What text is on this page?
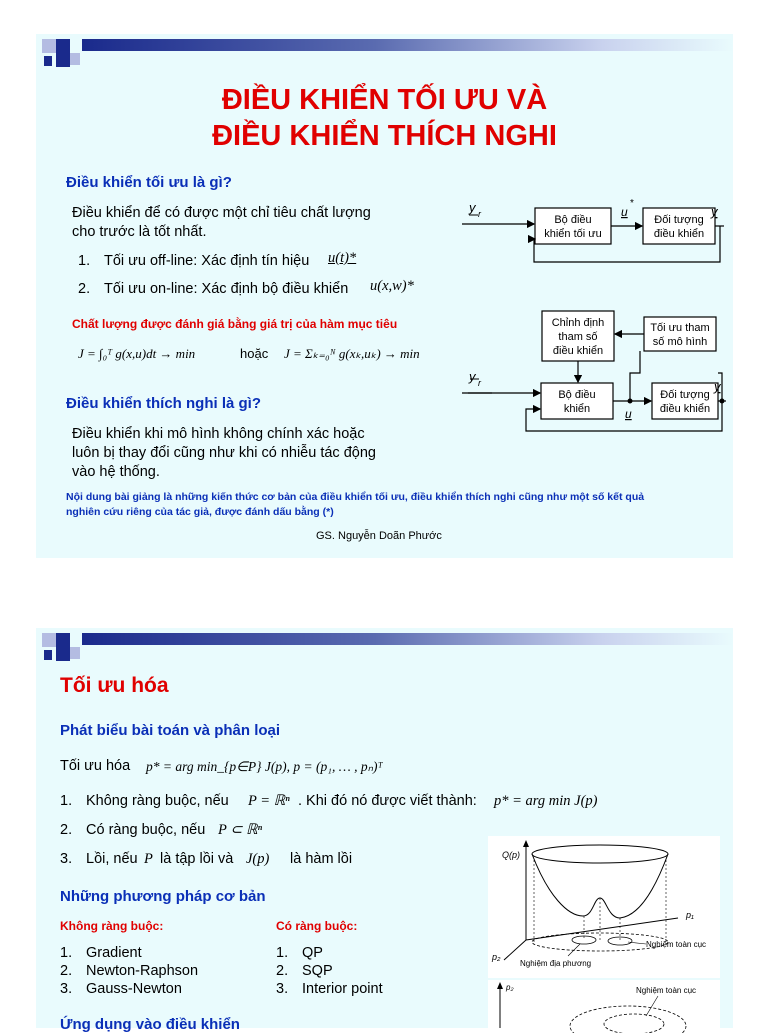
ĐIỀU KHIỂN TỐI ƯU VÀ
ĐIỀU KHIỂN THÍCH NGHI
Điều khiển tối ưu là gì?
Điều khiển để có được một chỉ tiêu chất lượng
cho trước là tốt nhất.
1. Tối ưu off-line: Xác định tín hiệu u(t)*
2. Tối ưu on-line: Xác định bộ điều khiển u(x,w)*
Chất lượng được đánh giá bằng giá trị của hàm mục tiêu
J = ∫₀ᵀ g(x,u)dt → min	hoặc J = Σₖ₌₀ᴺ g(xₖ,uₖ) → min
Điều khiển thích nghi là gì?
Điều khiển khi mô hình không chính xác hoặc
luôn bị thay đổi cũng như khi có nhiễu tác động
vào hệ thống.
Nội dung bài giảng là những kiến thức cơ bản của điều khiển tối ưu, điều khiển thích nghi cũng như một số kết quả
nghiên cứu riêng của tác giả, được đánh dấu bằng (*)
GS. Nguyễn Doãn Phước
y r	Bộ điều
khiển tối ưu
u
*
Đối tượng
điều khiển
y
Chỉnh định
tham số
điều khiển
Tối ưu tham
số mô hình
y r
Bộ điều
khiển	u
Đối tượng
điều khiển
y
Tối ưu hóa
Phát biểu bài toán và phân loại
Tối ưu hóa p* = arg min_{p∈P} J(p), p = (p₁, … , pₙ)ᵀ
1. Không ràng buộc, nếu P = ℝⁿ . Khi đó nó được viết thành: p* = arg min J(p)
2. Có ràng buộc, nếu P ⊂ ℝⁿ
3. Lồi, nếu P là tập lồi và J(p) là hàm lồi
Những phương pháp cơ bản
Không ràng buộc:	Có ràng buộc:
1. Gradient
2. Newton-Raphson
3. Gauss-Newton
1. QP
2. SQP
3. Interior point
Ứng dụng vào điều khiển
Q(p)
p₁
p₂
Nghiệm toàn cục
Nghiệm địa phương
p₂	Nghiệm toàn cục
